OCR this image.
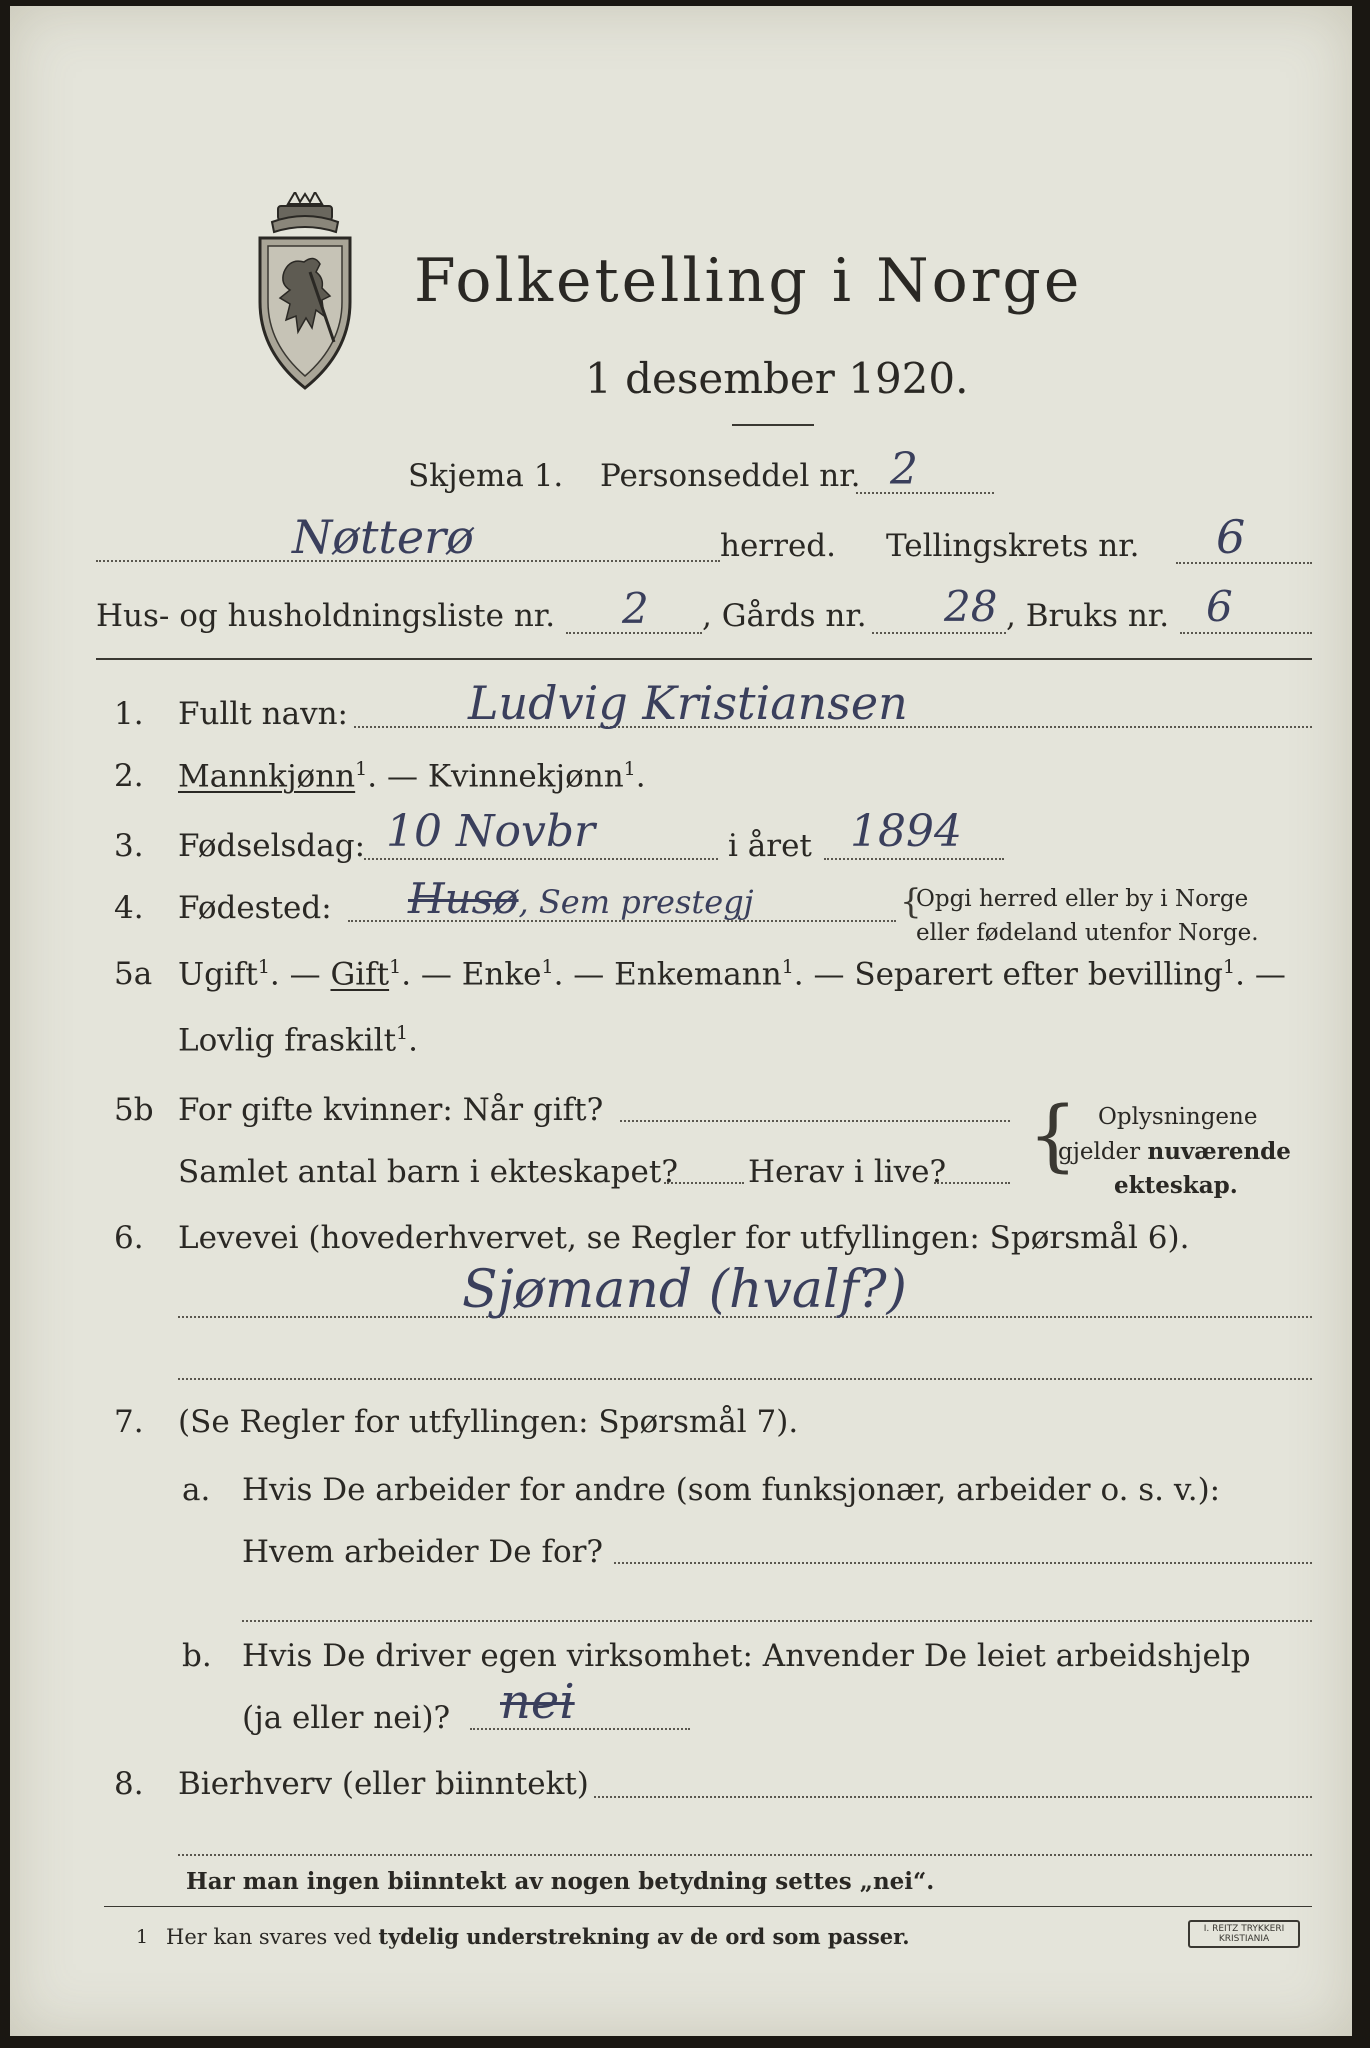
Folketelling i Norge
1 desember 1920.
Skjema 1. Personseddel nr. 2
Nøtterø	herred. Tellingskrets nr. 6
Hus- og husholdningsliste nr. 2 , Gårds nr. 28 , Bruks nr. 6
1. Fullt navn:	Ludvig Kristiansen
2. Mannkjønn$^1$. — Kvinnekjønn$^1$.
3. Fødselsdag: 10 Novbr	i året 1894
4. Fødested: Husø, Sem prestegj	{
Opgi herred eller by i Norge
eller fødeland utenfor Norge.
5a Ugift$^1$. — Gift$^1$. — Enke$^1$. — Enkemann$^1$. — Separert efter bevilling$^1$. —
Lovlig fraskilt$^1$.
5b For gifte kvinner: Når gift?
Samlet antal barn i ekteskapet? Herav i live? { Oplysningene
gjelder nuværende
ekteskap.
6. Levevei (hovederhvervet, se Regler for utfyllingen: Spørsmål 6).
Sjømand (hvalf?)
7. (Se Regler for utfyllingen: Spørsmål 7).
a. Hvis De arbeider for andre (som funksjonær, arbeider o. s. v.):
Hvem arbeider De for?
b. Hvis De driver egen virksomhet: Anvender De leiet arbeidshjelp
(ja eller nei)? nei
8. Bierhverv (eller biinntekt)
Har man ingen biinntekt av nogen betydning settes „nei“.
1 Her kan svares ved tydelig understrekning av de ord som passer.	I. REITZ TRYKKERI
KRISTIANIA
